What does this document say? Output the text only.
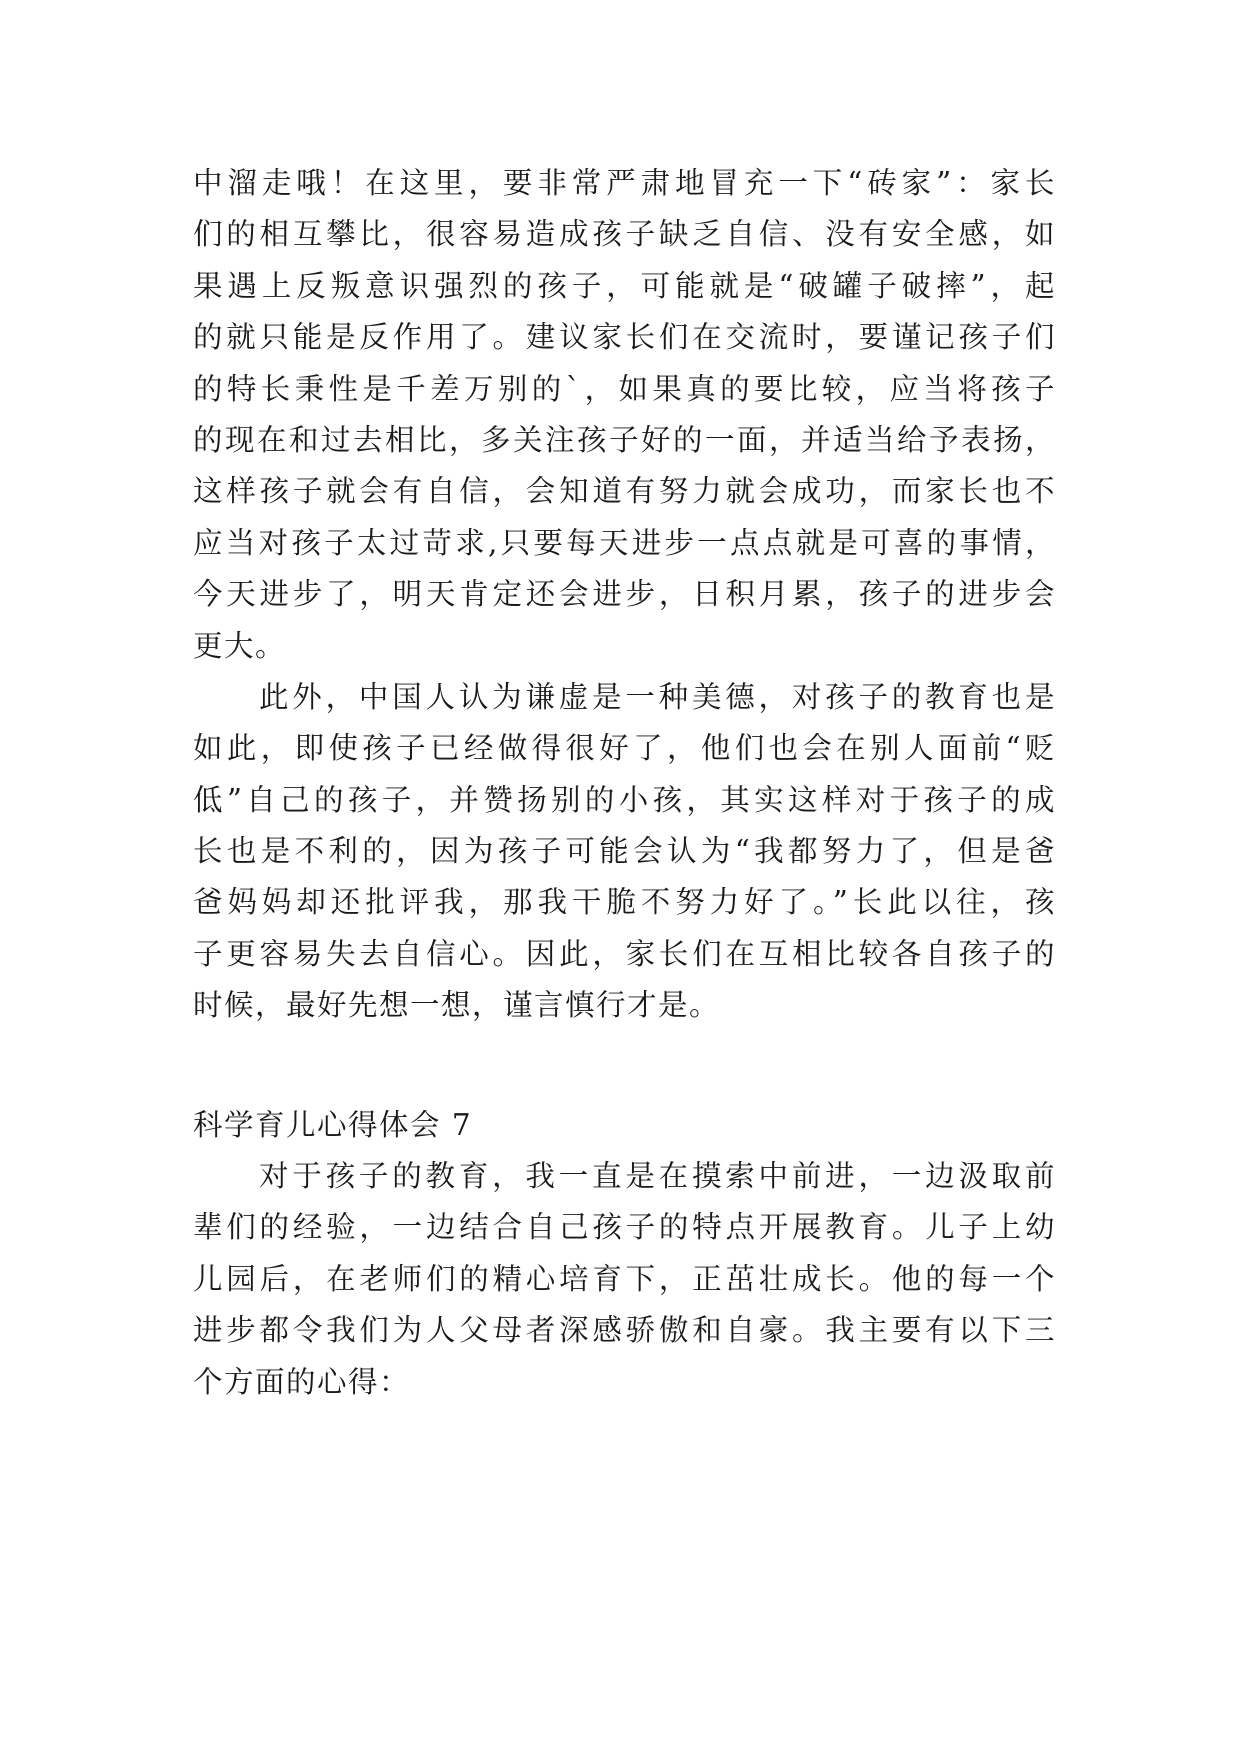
中溜走哦！在这里，要非常严肃地冒充一下“砖家”：家长
们的相互攀比，很容易造成孩子缺乏自信、没有安全感，如
果遇上反叛意识强烈的孩子，可能就是“破罐子破摔”，起
的就只能是反作用了。建议家长们在交流时，要谨记孩子们
的特长秉性是千差万别的`，如果真的要比较，应当将孩子
的现在和过去相比，多关注孩子好的一面，并适当给予表扬，
这样孩子就会有自信，会知道有努力就会成功，而家长也不
应当对孩子太过苛求,只要每天进步一点点就是可喜的事情，
今天进步了，明天肯定还会进步，日积月累，孩子的进步会
更大。
此外，中国人认为谦虚是一种美德，对孩子的教育也是
如此，即使孩子已经做得很好了，他们也会在别人面前“贬
低”自己的孩子，并赞扬别的小孩，其实这样对于孩子的成
长也是不利的，因为孩子可能会认为“我都努力了，但是爸
爸妈妈却还批评我，那我干脆不努力好了。”长此以往，孩
子更容易失去自信心。因此，家长们在互相比较各自孩子的
时候，最好先想一想，谨言慎行才是。
科学育儿心得体会 7
对于孩子的教育，我一直是在摸索中前进，一边汲取前
辈们的经验，一边结合自己孩子的特点开展教育。儿子上幼
儿园后，在老师们的精心培育下，正茁壮成长。他的每一个
进步都令我们为人父母者深感骄傲和自豪。我主要有以下三
个方面的心得：
